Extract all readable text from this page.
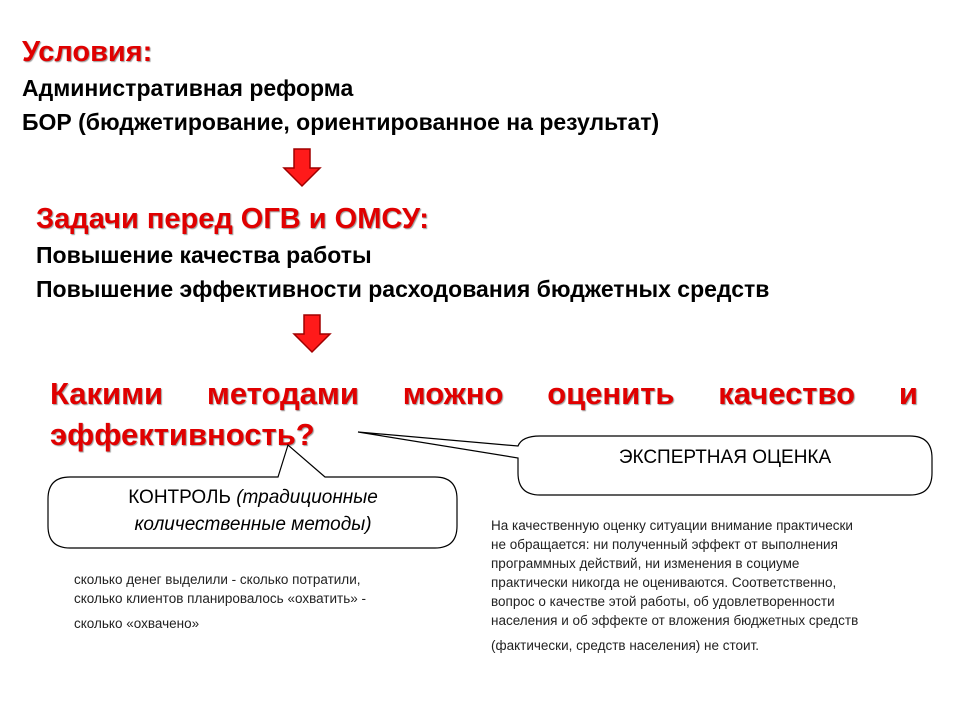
Условия:
Административная реформа
БОР (бюджетирование, ориентированное на результат)
Задачи перед ОГВ и ОМСУ:
Повышение качества работы
Повышение эффективности расходования бюджетных средств
Какими методами можно оценить качество и
эффективность?
КОНТРОЛЬ (традиционные
количественные методы)
ЭКСПЕРТНАЯ ОЦЕНКА
сколько денег выделили - сколько потратили,
сколько клиентов планировалось «охватить» -
сколько «охвачено»
На качественную оценку ситуации внимание практически
не обращается: ни полученный эффект от выполнения
программных действий, ни изменения в социуме
практически никогда не оцениваются. Соответственно,
вопрос о качестве этой работы, об удовлетворенности
населения и об эффекте от вложения бюджетных средств
(фактически, средств населения) не стоит.
